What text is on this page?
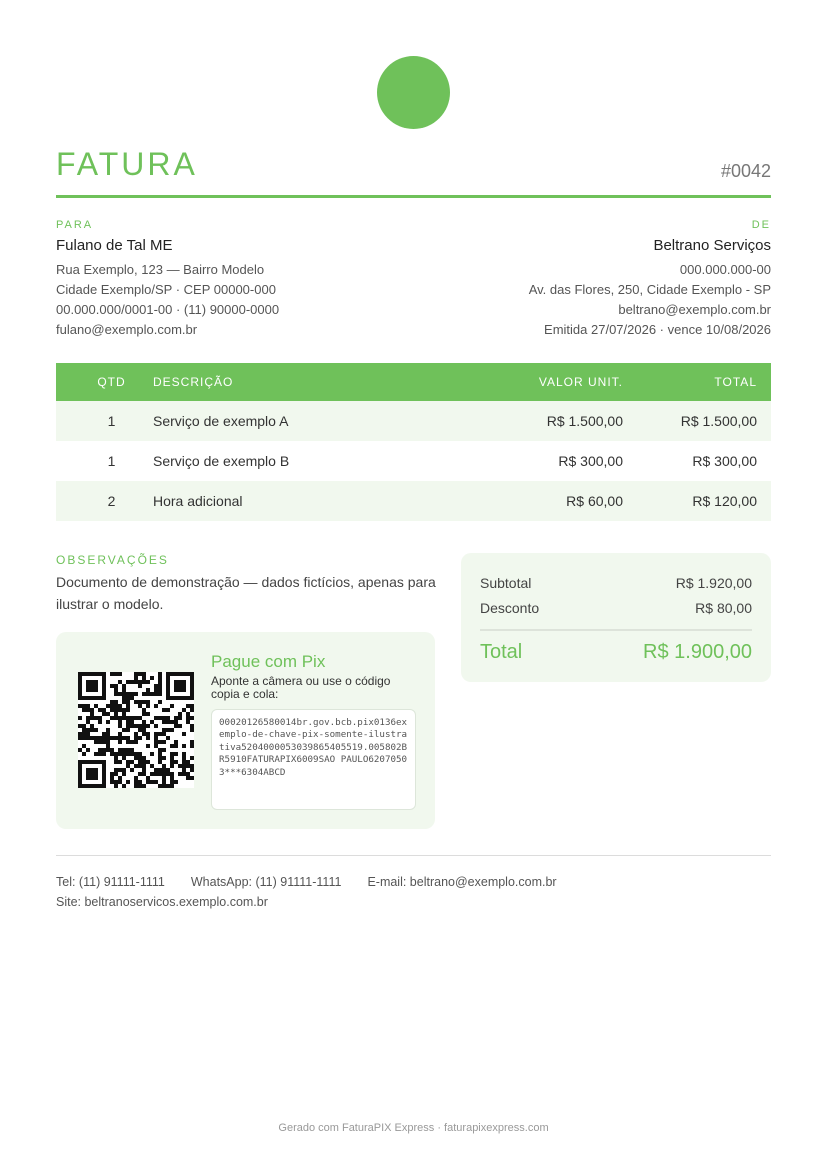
FATURA	#0042
PARA
Fulano de Tal ME
Rua Exemplo, 123 — Bairro Modelo
Cidade Exemplo/SP · CEP 00000-000
00.000.000/0001-00 · (11) 90000-0000
fulano@exemplo.com.br
DE
Beltrano Serviços
000.000.000-00
Av. das Flores, 250, Cidade Exemplo - SP
beltrano@exemplo.com.br
Emitida 27/07/2026 · vence 10/08/2026
QTD	DESCRIÇÃO	VALOR UNIT.	TOTAL
1	Serviço de exemplo A	R$ 1.500,00	R$ 1.500,00
1	Serviço de exemplo B	R$ 300,00	R$ 300,00
2	Hora adicional	R$ 60,00	R$ 120,00
OBSERVAÇÕES
Documento de demonstração — dados fictícios, apenas para ilustrar o modelo.
Pague com Pix
Aponte a câmera ou use o código copia e cola:
00020126580014br.gov.bcb.pix0136exemplo-de-chave-pix-somente-ilustrativa5204000053039865405519.005802BR5910FATURAPIX6009SAO PAULO62070503***6304ABCD
Subtotal	R$ 1.920,00
Desconto	R$ 80,00
Total	R$ 1.900,00
Tel: (11) 91111-1111 WhatsApp: (11) 91111-1111 E-mail: beltrano@exemplo.com.br
Site: beltranoservicos.exemplo.com.br
Gerado com FaturaPIX Express · faturapixexpress.com
